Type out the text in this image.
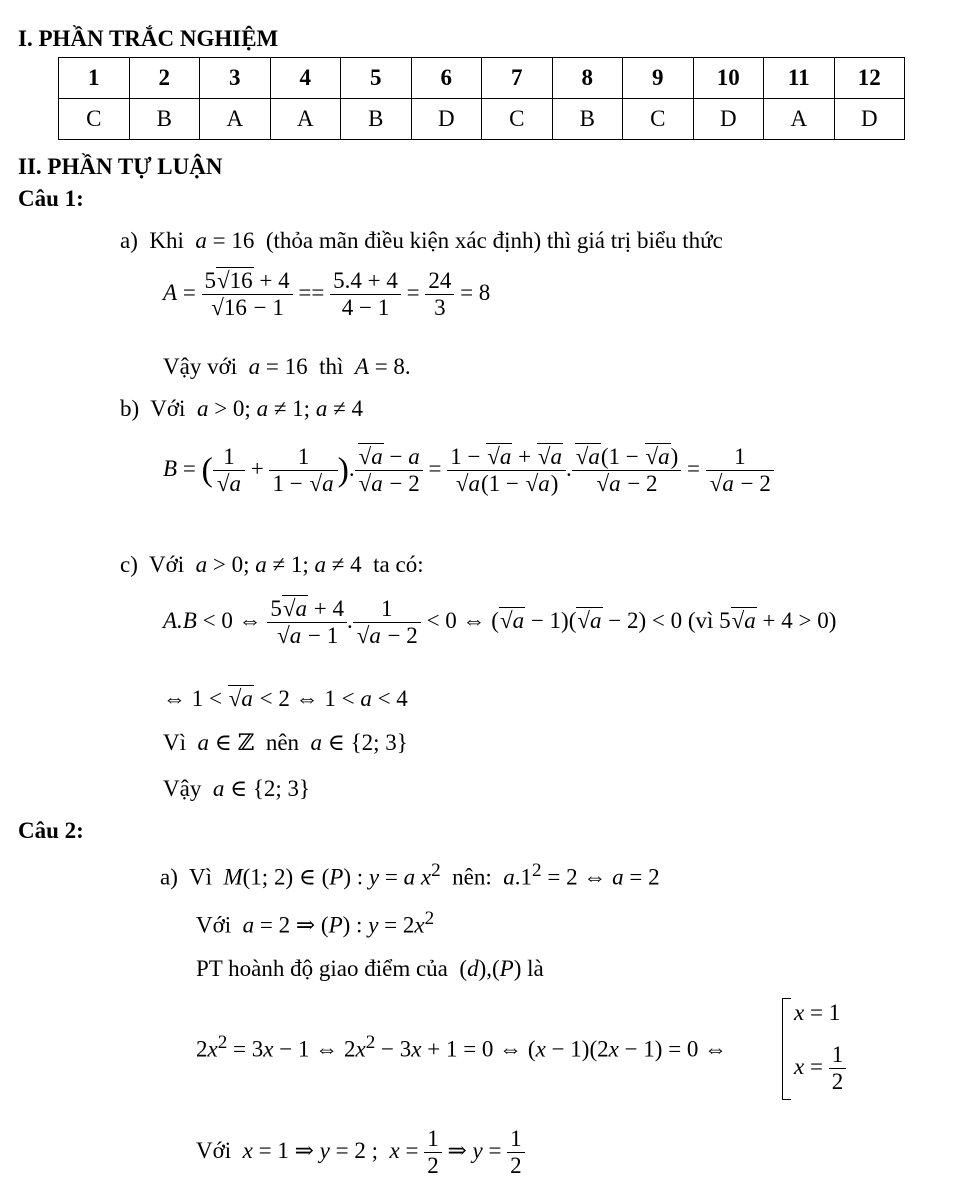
I. PHẦN TRẮC NGHIỆM
1	2	3	4	5	6	7	8	9	10	11	12
C	B	A	A	B	D	C	B	C	D	A	D
II. PHẦN TỰ LUẬN
Câu 1:
a) Khi a = 16  (thỏa mãn điều kiện xác định) thì giá trị biểu thức
$A = \frac{5√16 + 4}{√16 - 1} == \frac{5.4 + 4}{4 - 1} = \frac{24}{3} = 8$
Vậy với a = 16  thì A = 8.
b) Với a > 0; a ≠ 1; a ≠ 4
B = ( $\frac{1}{√a} + \frac{1}{1 - √a}$ ). $\frac{√a - a}{√a - 2} = \frac{1 - √a + √a}{√a(1 - √a)}$ . $\frac{√a(1 - √a)}{√a - 2} = \frac{1}{√a - 2}$
c) Với a > 0; a ≠ 1; a ≠ 4  ta có:
A.B < 0 ⇔ $\frac{5√a + 4}{√a - 1}$ . $\frac{1}{√a - 2} < 0$ ⇔ (√a − 1)(√a − 2) < 0 (vì 5√a + 4 > 0)
⇔ 1 < √a < 2 ⇔ 1 < a < 4
Vì a ∈ ℤ  nên a ∈ {2; 3}
Vậy a ∈ {2; 3}
Câu 2:
a) Vì M(1; 2) ∈ (P) : y = a $x^2$ nên: $a.1^2 = 2$ ⇔ a = 2
Với a = 2 ⇒ (P) : $y = 2x^2$
PT hoành độ giao điểm của  (d),(P) là
$2x^2 = 3x - 1$ ⇔ $2x^2 - 3x + 1 = 0$ ⇔ (x − 1)(2x − 1) = 0 ⇔
x = 1
$x = \frac{1}{2}$
Với x = 1 ⇒ y = 2 ;  $x = \frac{1}{2}$ ⇒ $y = \frac{1}{2}$
